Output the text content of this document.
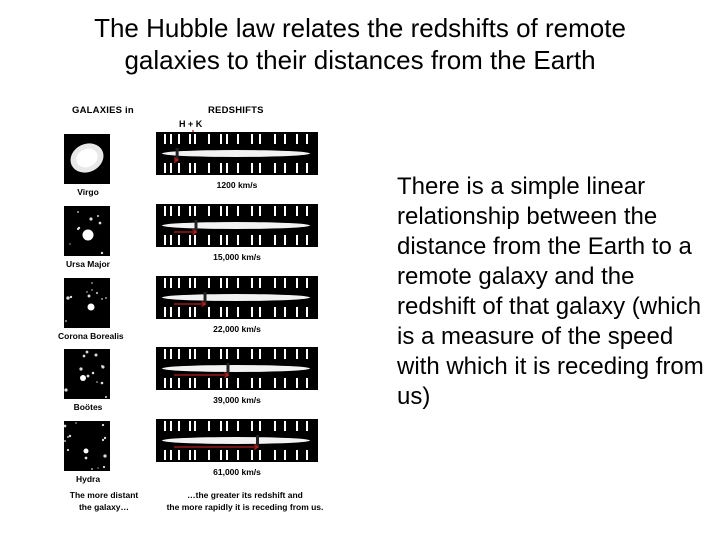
The Hubble law relates the redshifts of remote
galaxies to their distances from the Earth
GALAXIES in	REDSHIFTS
H + K
Virgo
1200 km/s
Ursa Major
15,000 km/s
Corona Borealis
22,000 km/s
Boötes
39,000 km/s
Hydra
61,000 km/s
The more distant
the galaxy…
…the greater its redshift and
the more rapidly it is receding from us.

There is a simple linear relationship between the distance from the Earth to a remote galaxy and the redshift of that galaxy (which is a measure of the speed with which it is receding from us)
